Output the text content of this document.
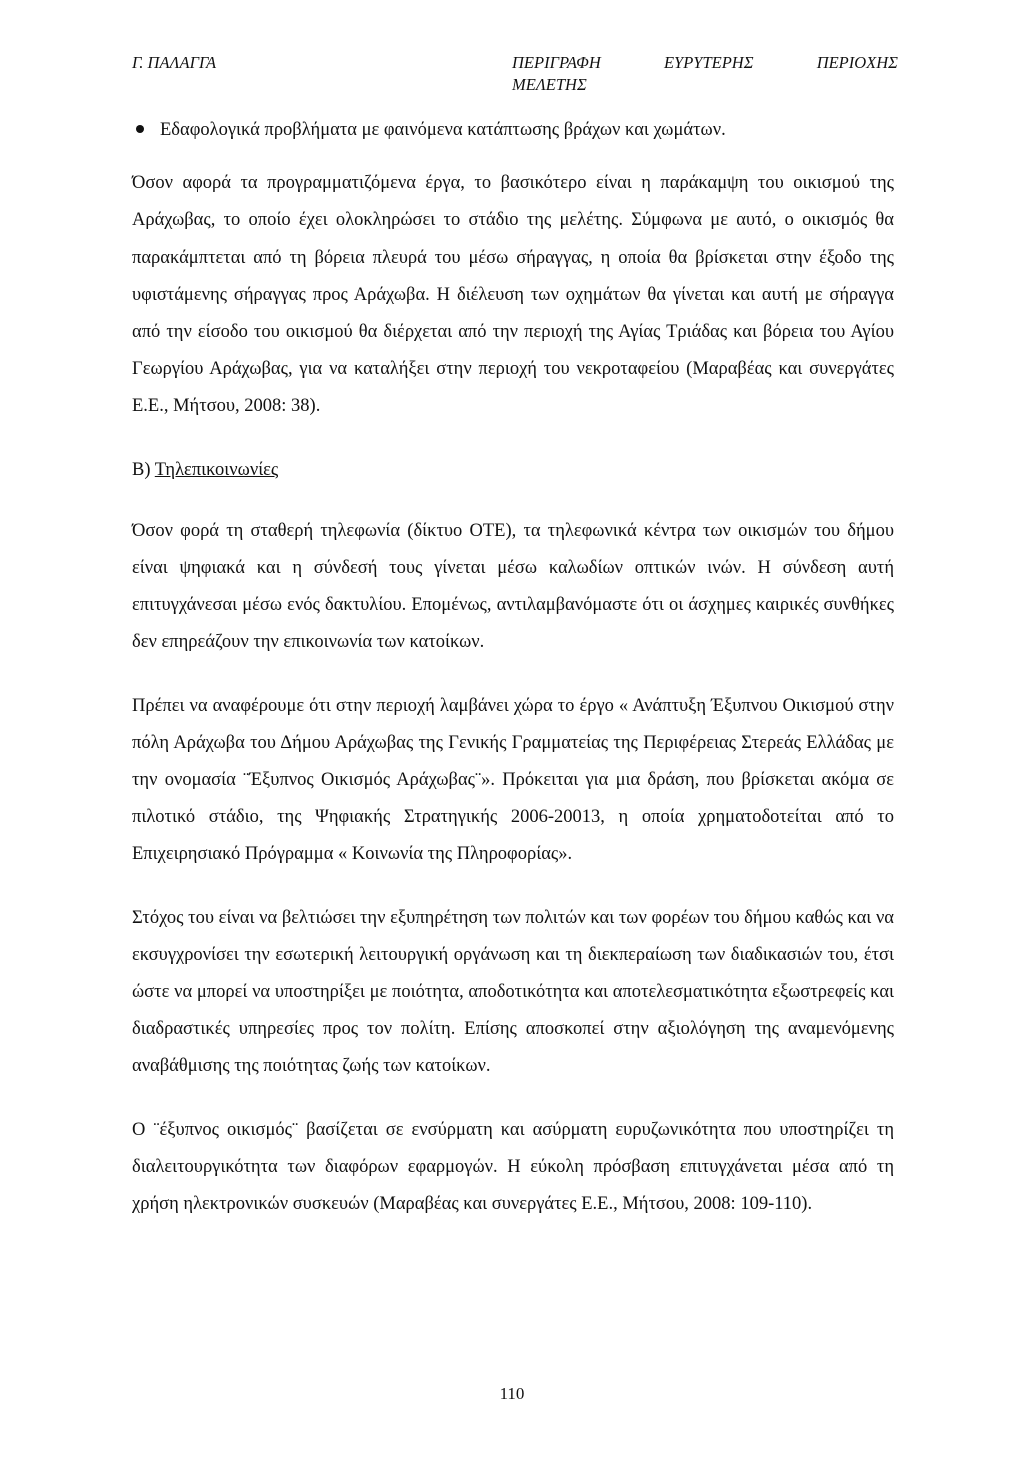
Γ. ΠΑΛΑΓΓΑ	ΠΕΡΙΓΡΑΦΗ	ΕΥΡΥΤΕΡΗΣ	ΠΕΡΙΟΧΗΣ
ΜΕΛΕΤΗΣ
Εδαφολογικά προβλήματα με φαινόμενα κατάπτωσης βράχων και χωμάτων.

Όσον αφορά τα προγραμματιζόμενα έργα, το βασικότερο είναι η παράκαμψη του οικισμού της Αράχωβας, το οποίο έχει ολοκληρώσει το στάδιο της μελέτης. Σύμφωνα με αυτό, ο οικισμός θα παρακάμπτεται από τη βόρεια πλευρά του μέσω σήραγγας, η οποία θα βρίσκεται στην έξοδο της υφιστάμενης σήραγγας προς Αράχωβα. Η διέλευση των οχημάτων θα γίνεται και αυτή με σήραγγα από την είσοδο του οικισμού θα διέρχεται από την περιοχή της Αγίας Τριάδας και βόρεια του Αγίου Γεωργίου Αράχωβας, για να καταλήξει στην περιοχή του νεκροταφείου (Μαραβέας και συνεργάτες Ε.Ε., Μήτσου, 2008: 38).

Β) Τηλεπικοινωνίες

Όσον φορά τη σταθερή τηλεφωνία (δίκτυο ΟΤΕ), τα τηλεφωνικά κέντρα των οικισμών του δήμου είναι ψηφιακά και η σύνδεσή τους γίνεται μέσω καλωδίων οπτικών ινών. Η σύνδεση αυτή επιτυγχάνεσαι μέσω ενός δακτυλίου. Επομένως, αντιλαμβανόμαστε ότι οι άσχημες καιρικές συνθήκες δεν επηρεάζουν την επικοινωνία των κατοίκων.

Πρέπει να αναφέρουμε ότι στην περιοχή λαμβάνει χώρα το έργο « Ανάπτυξη Έξυπνου Οικισμού στην πόλη Αράχωβα του Δήμου Αράχωβας της Γενικής Γραμματείας της Περιφέρειας Στερεάς Ελλάδας με την ονομασία ¨Έξυπνος Οικισμός Αράχωβας¨». Πρόκειται για μια δράση, που βρίσκεται ακόμα σε πιλοτικό στάδιο, της Ψηφιακής Στρατηγικής 2006-20013, η οποία χρηματοδοτείται από το Επιχειρησιακό Πρόγραμμα « Κοινωνία της Πληροφορίας».

Στόχος του είναι να βελτιώσει την εξυπηρέτηση των πολιτών και των φορέων του δήμου καθώς και να εκσυγχρονίσει την εσωτερική λειτουργική οργάνωση και τη διεκπεραίωση των διαδικασιών του, έτσι ώστε να μπορεί να υποστηρίξει με ποιότητα, αποδοτικότητα και αποτελεσματικότητα εξωστρεφείς και διαδραστικές υπηρεσίες προς τον πολίτη. Επίσης αποσκοπεί στην αξιολόγηση της αναμενόμενης αναβάθμισης της ποιότητας ζωής των κατοίκων.

Ο ¨έξυπνος οικισμός¨ βασίζεται σε ενσύρματη και ασύρματη ευρυζωνικότητα που υποστηρίζει τη διαλειτουργικότητα των διαφόρων εφαρμογών. Η εύκολη πρόσβαση επιτυγχάνεται μέσα από τη χρήση ηλεκτρονικών συσκευών (Μαραβέας και συνεργάτες Ε.Ε., Μήτσου, 2008: 109-110).

110
